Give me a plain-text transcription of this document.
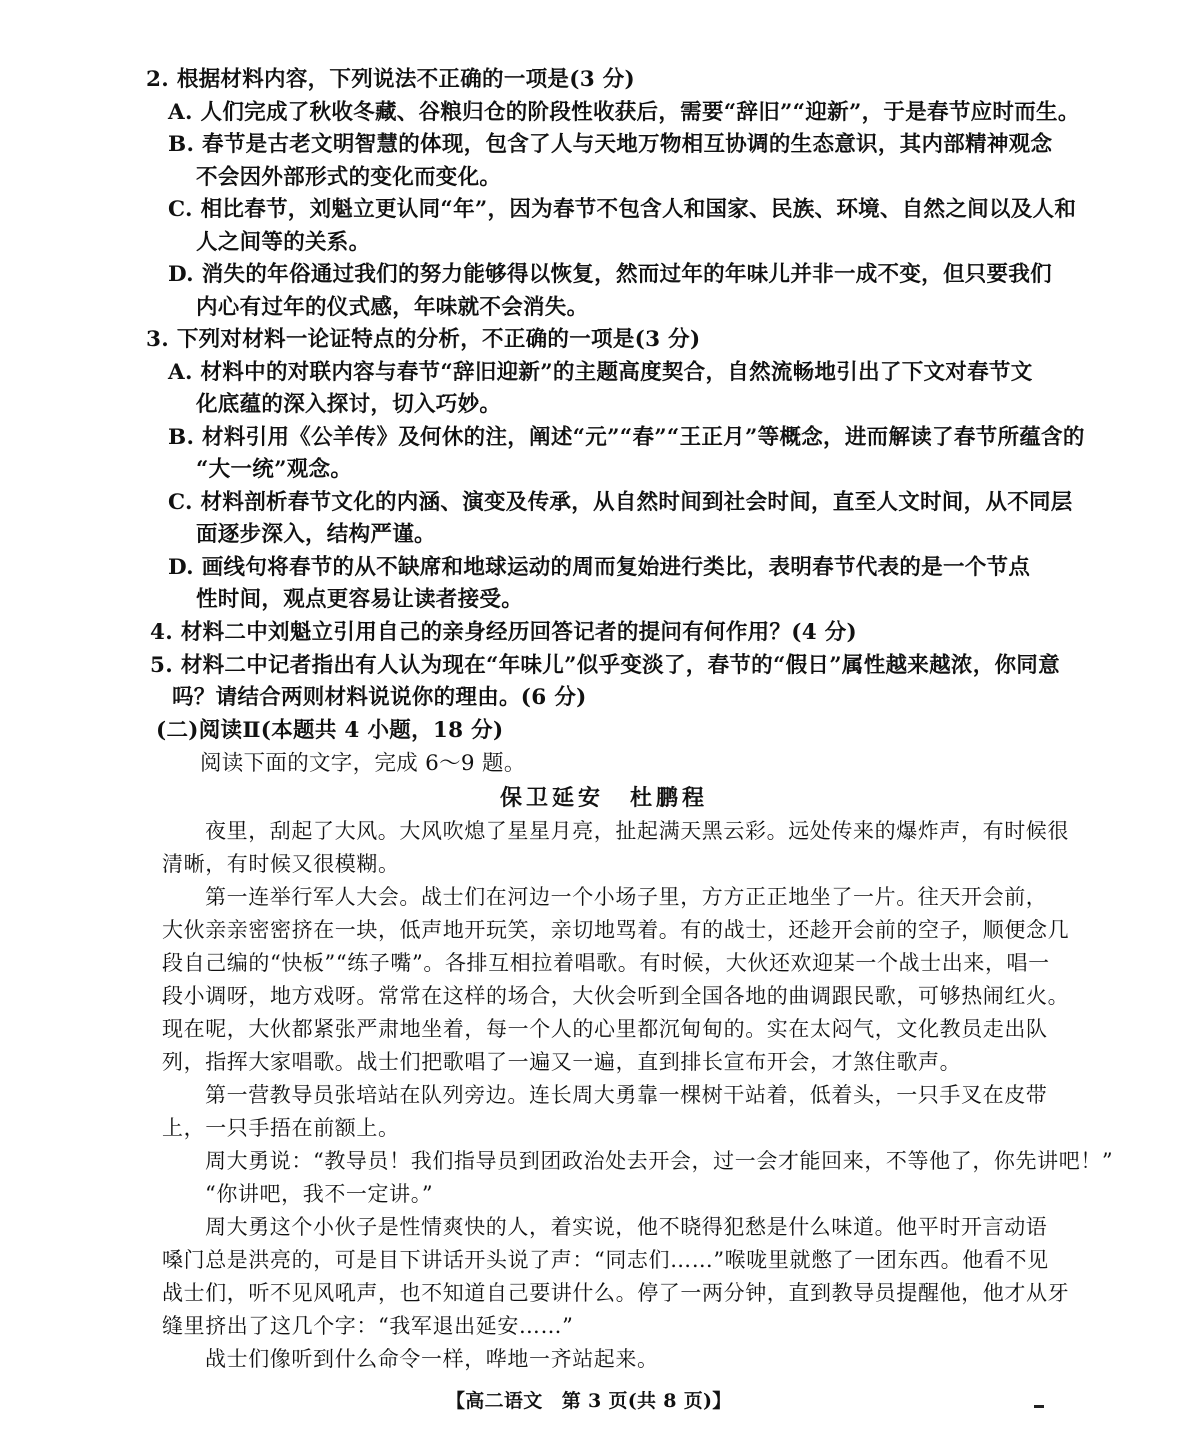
2. 根据材料内容，下列说法不正确的一项是(3 分)
A. 人们完成了秋收冬藏、谷粮归仓的阶段性收获后，需要“辞旧”“迎新”，于是春节应时而生。
B. 春节是古老文明智慧的体现，包含了人与天地万物相互协调的生态意识，其内部精神观念
不会因外部形式的变化而变化。
C. 相比春节，刘魁立更认同“年”，因为春节不包含人和国家、民族、环境、自然之间以及人和
人之间等的关系。
D. 消失的年俗通过我们的努力能够得以恢复，然而过年的年味儿并非一成不变，但只要我们
内心有过年的仪式感，年味就不会消失。
3. 下列对材料一论证特点的分析，不正确的一项是(3 分)
A. 材料中的对联内容与春节“辞旧迎新”的主题高度契合，自然流畅地引出了下文对春节文
化底蕴的深入探讨，切入巧妙。
B. 材料引用《公羊传》及何休的注，阐述“元”“春”“王正月”等概念，进而解读了春节所蕴含的
“大一统”观念。
C. 材料剖析春节文化的内涵、演变及传承，从自然时间到社会时间，直至人文时间，从不同层
面逐步深入，结构严谨。
D. 画线句将春节的从不缺席和地球运动的周而复始进行类比，表明春节代表的是一个节点
性时间，观点更容易让读者接受。
4. 材料二中刘魁立引用自己的亲身经历回答记者的提问有何作用？(4 分)
5. 材料二中记者指出有人认为现在“年味儿”似乎变淡了，春节的“假日”属性越来越浓，你同意
吗？请结合两则材料说说你的理由。(6 分)
(二)阅读Ⅱ(本题共 4 小题，18 分)
阅读下面的文字，完成 6～9 题。
保卫延安　杜鹏程
夜里，刮起了大风。大风吹熄了星星月亮，扯起满天黑云彩。远处传来的爆炸声，有时候很
清晰，有时候又很模糊。
第一连举行军人大会。战士们在河边一个小场子里，方方正正地坐了一片。往天开会前，
大伙亲亲密密挤在一块，低声地开玩笑，亲切地骂着。有的战士，还趁开会前的空子，顺便念几
段自己编的“快板”“练子嘴”。各排互相拉着唱歌。有时候，大伙还欢迎某一个战士出来，唱一
段小调呀，地方戏呀。常常在这样的场合，大伙会听到全国各地的曲调跟民歌，可够热闹红火。
现在呢，大伙都紧张严肃地坐着，每一个人的心里都沉甸甸的。实在太闷气，文化教员走出队
列，指挥大家唱歌。战士们把歌唱了一遍又一遍，直到排长宣布开会，才煞住歌声。
第一营教导员张培站在队列旁边。连长周大勇靠一棵树干站着，低着头，一只手叉在皮带
上，一只手捂在前额上。
周大勇说：“教导员！我们指导员到团政治处去开会，过一会才能回来，不等他了，你先讲吧！”
“你讲吧，我不一定讲。”
周大勇这个小伙子是性情爽快的人，着实说，他不晓得犯愁是什么味道。他平时开言动语
嗓门总是洪亮的，可是目下讲话开头说了声：“同志们……”喉咙里就憋了一团东西。他看不见
战士们，听不见风吼声，也不知道自己要讲什么。停了一两分钟，直到教导员提醒他，他才从牙
缝里挤出了这几个字：“我军退出延安……”
战士们像听到什么命令一样，哗地一齐站起来。
【高二语文　第 3 页(共 8 页)】
